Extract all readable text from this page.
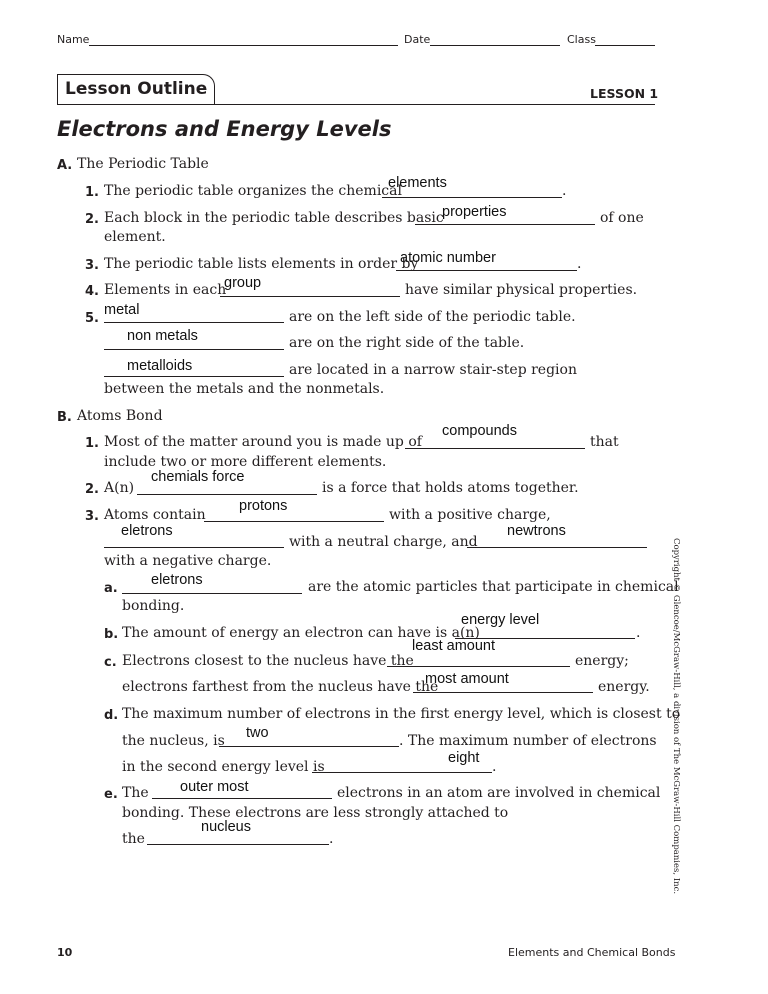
Name	Date	Class
Lesson Outline	LESSON 1
Electrons and Energy Levels
A. The Periodic Table
1. The periodic table organizes the chemical	.
elements
2. Each block in the periodic table describes basic	of one
element.
properties
3. The periodic table lists elements in order by	.
atomic number
4. Elements in each	have similar physical properties.
group
5.	are on the left side of the periodic table.
metal
are on the right side of the table.
non metals
are located in a narrow stair-step region
between the metals and the nonmetals.
metalloids
B. Atoms Bond
1. Most of the matter around you is made up of	that
include two or more different elements.
compounds
2. A(n)	is a force that holds atoms together.
chemials force
3. Atoms contain	with a positive charge,
protons
with a neutral charge, and
with a negative charge.
eletrons	newtrons
a.	are the atomic particles that participate in chemical
bonding.
eletrons
b. The amount of energy an electron can have is a(n)	.
energy level
c. Electrons closest to the nucleus have the	energy;
least amount
electrons farthest from the nucleus have the	energy.
most amount
d. The maximum number of electrons in the first energy level, which is closest to
the nucleus, is	. The maximum number of electrons
two
in the second energy level is	.
eight
e. The	electrons in an atom are involved in chemical
outer most
bonding. These electrons are less strongly attached to
the	.
nucleus	Copyright © Glencoe/McGraw-Hill, a division of The McGraw-Hill Companies, Inc.
10	Elements and Chemical Bonds
